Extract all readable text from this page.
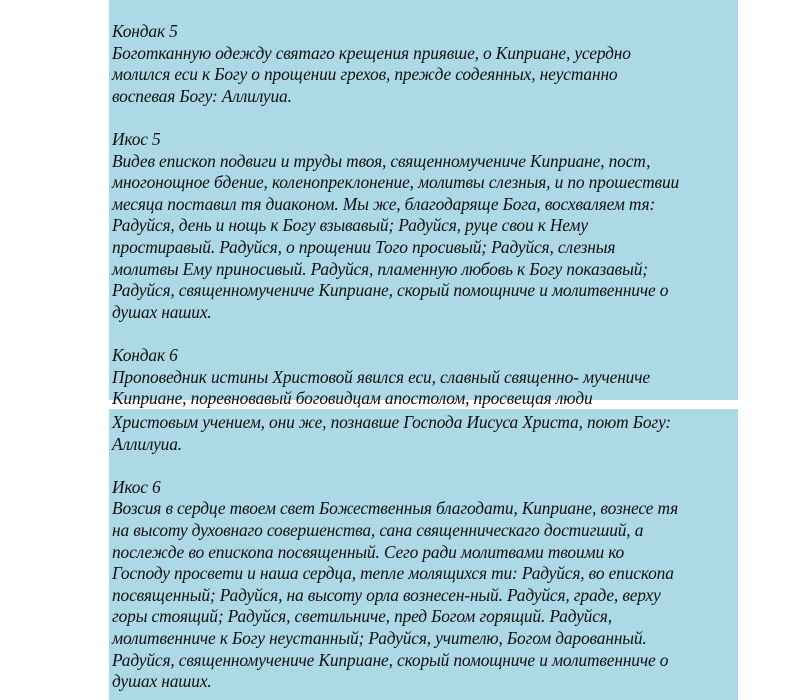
Кондак 5
Боготканную одежду святаго крещения приявше, о Киприане, усердно
молился еси к Богу о прощении грехов, прежде содеянных, неустанно
воспевая Богу: Аллилуиа.
Икос 5
Видев епископ подвиги и труды твоя, священномучениче Киприане, пост,
многонощное бдение, коленопреклонение, молитвы слезныя, и по прошествии
месяца поставил тя диаконом. Мы же, благодаряще Бога, восхваляем тя:
Радуйся, день и нощь к Богу взывавый; Радуйся, руце свои к Нему
простиравый. Радуйся, о прощении Того просивый; Радуйся, слезныя
молитвы Ему приносивый. Радуйся, пламенную любовь к Богу показавый;
Радуйся, священномучениче Киприане, скорый помощниче и молитвенниче о
душах наших.
Кондак 6
Проповедник истины Христовой явился еси, славный священно- мучениче
Киприане, поревновавый боговидцам апостолом, просвещая люди
Христовым учением, они же, познавше Господа Иисуса Христа, поют Богу:
Аллилуиа.
Икос 6
Возсия в сердце твоем свет Божественныя благодати, Киприане, вознесе тя
на высоту духовнаго совершенства, сана священническаго достигший, а
послежде во епископа посвященный. Сего ради молитвами твоими ко
Господу просвети и наша сердца, тепле молящихся ти: Радуйся, во епископа
посвященный; Радуйся, на высоту орла вознесен-ный. Радуйся, граде, верху
горы стоящий; Радуйся, светильниче, пред Богом горящий. Радуйся,
молитвенниче к Богу неустанный; Радуйся, учителю, Богом дарованный.
Радуйся, священномучениче Киприане, скорый помощниче и молитвенниче о
душах наших.
